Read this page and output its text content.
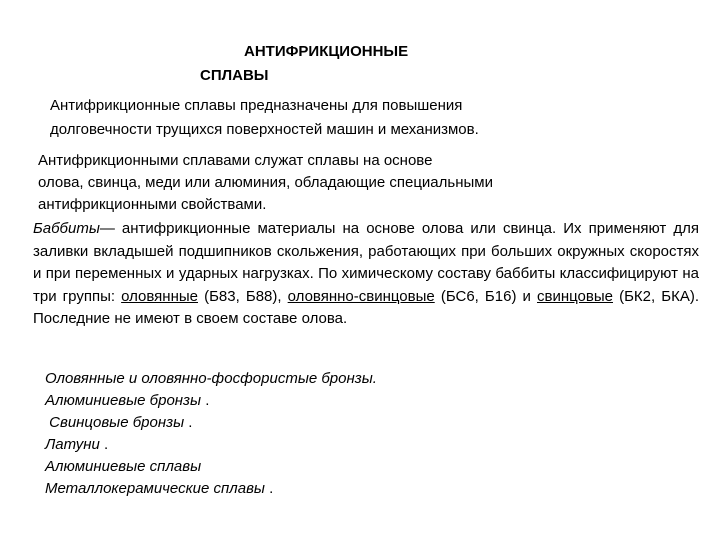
АНТИФРИКЦИОННЫЕ
СПЛАВЫ

Антифрикционные сплавы предназначены для повышения
долговечности трущихся поверхностей машин и механизмов.

Антифрикционными сплавами служат сплавы на основе
олова, свинца, меди или алюминия, обладающие специальными
антифрикционными свойствами.

Баббиты— антифрикционные материалы на основе олова или свинца. Их применяют для заливки вкладышей подшипников скольжения, работающих при больших окружных скоростях и при переменных и ударных нагрузках. По химическому составу баббиты классифицируют на три группы: оловянные (Б83, Б88), оловянно-свинцовые (БС6, Б16) и свинцовые (БК2, БКА). Последние не имеют в своем составе олова.

Оловянные и оловянно-фосфористые бронзы.
Алюминиевые бронзы .
Свинцовые бронзы .
Латуни .
Алюминиевые сплавы
Металлокерамические сплавы .
